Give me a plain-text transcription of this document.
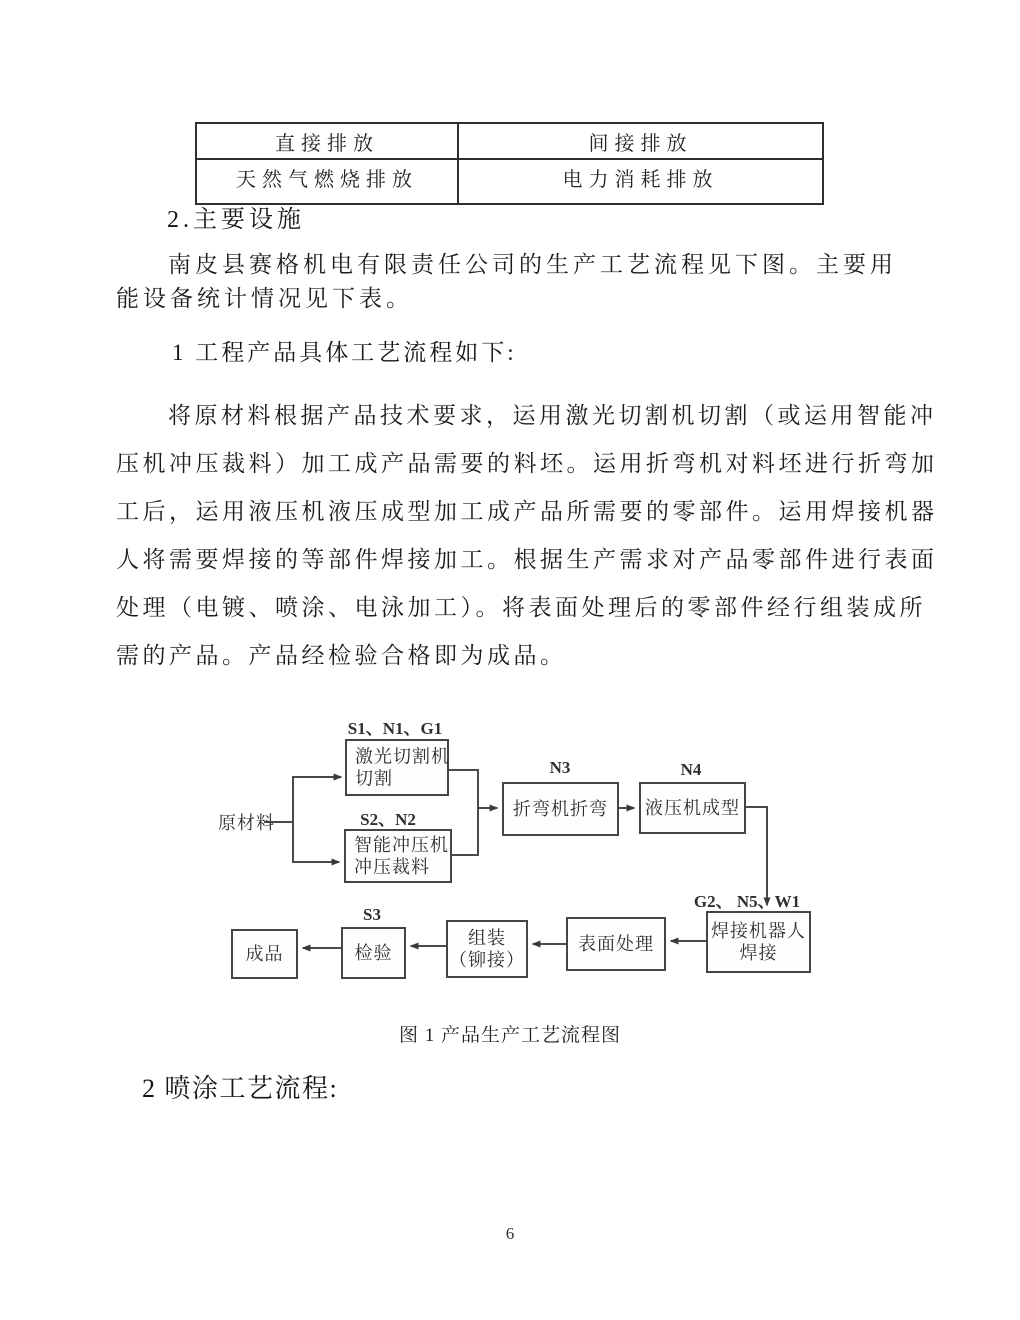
直接排放	间接排放
天然气燃烧排放	电力消耗排放
2.主要设施
南皮县赛格机电有限责任公司的生产工艺流程见下图。主要用
能设备统计情况见下表。
1 工程产品具体工艺流程如下:
将原材料根据产品技术要求，运用激光切割机切割（或运用智能冲
压机冲压裁料）加工成产品需要的料坯。运用折弯机对料坯进行折弯加
工后，运用液压机液压成型加工成产品所需要的零部件。运用焊接机器
人将需要焊接的等部件焊接加工。根据生产需求对产品零部件进行表面
处理（电镀、喷涂、电泳加工）。将表面处理后的零部件经行组装成所
需的产品。产品经检验合格即为成品。
激光切割机
切割
智能冲压机
冲压裁料
折弯机折弯 液压机成型
焊接机器人
焊接
表面处理
组装
（铆接）
检验
成品
S1、N1、G1
S2、N2
N3	N4
G2、 N5、W1
S3
原材料
图 1 产品生产工艺流程图
2 喷涂工艺流程:
6
